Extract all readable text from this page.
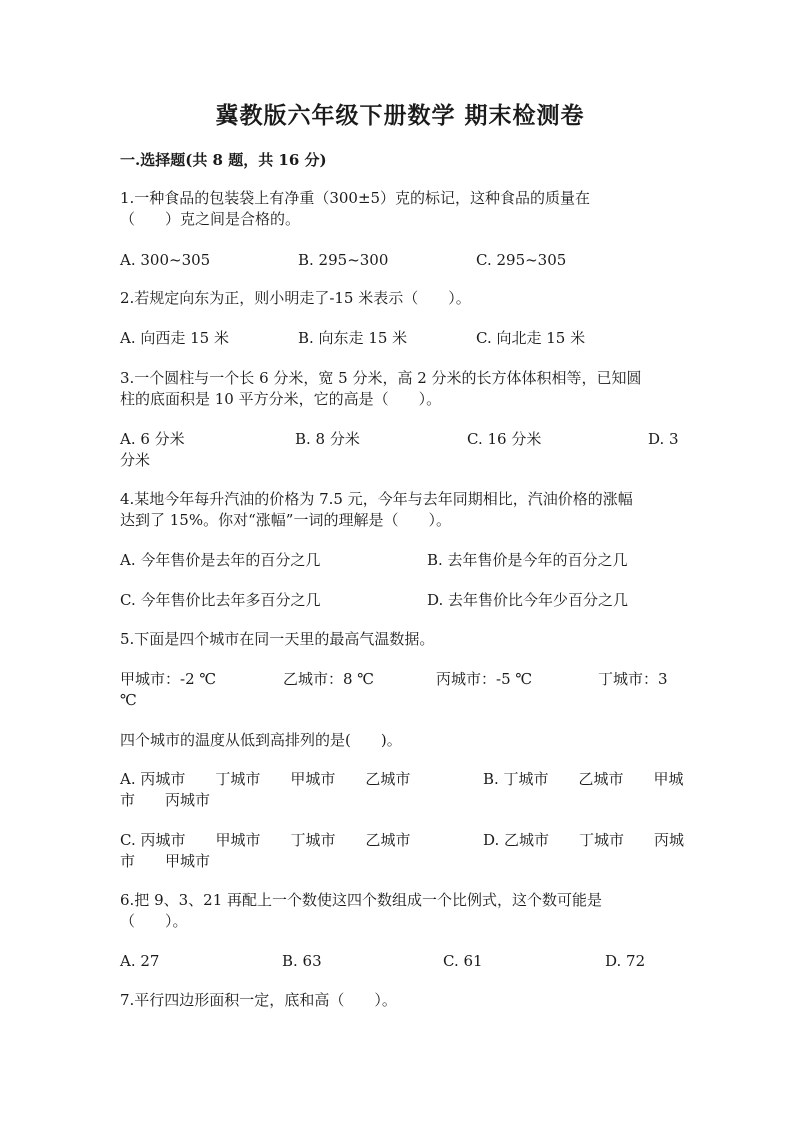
冀教版六年级下册数学 期末检测卷
一.选择题(共 8 题，共 16 分)
1.一种食品的包装袋上有净重（300±5）克的标记，这种食品的质量在
（　　）克之间是合格的。
A. 300~305	B. 295~300	C. 295~305
2.若规定向东为正，则小明走了-15 米表示（　　）。
A. 向西走 15 米	B. 向东走 15 米	C. 向北走 15 米
3.一个圆柱与一个长 6 分米，宽 5 分米，高 2 分米的长方体体积相等，已知圆
柱的底面积是 10 平方分米，它的高是（　　）。
A. 6 分米	B. 8 分米	C. 16 分米	D. 3
分米
4.某地今年每升汽油的价格为 7.5 元，今年与去年同期相比，汽油价格的涨幅
达到了 15%。你对“涨幅”一词的理解是（　　）。
A. 今年售价是去年的百分之几	B. 去年售价是今年的百分之几
C. 今年售价比去年多百分之几	D. 去年售价比今年少百分之几
5.下面是四个城市在同一天里的最高气温数据。
甲城市：-2 ℃	乙城市：8 ℃	丙城市：-5 ℃	丁城市：3
℃
四个城市的温度从低到高排列的是(　　)。
A. 丙城市　　丁城市　　甲城市　　乙城市	B. 丁城市　　乙城市　　甲城
市　　丙城市
C. 丙城市　　甲城市　　丁城市　　乙城市	D. 乙城市　　丁城市　　丙城
市　　甲城市
6.把 9、3、21 再配上一个数使这四个数组成一个比例式，这个数可能是
（　　）。
A. 27	B. 63	C. 61	D. 72
7.平行四边形面积一定，底和高（　　）。
